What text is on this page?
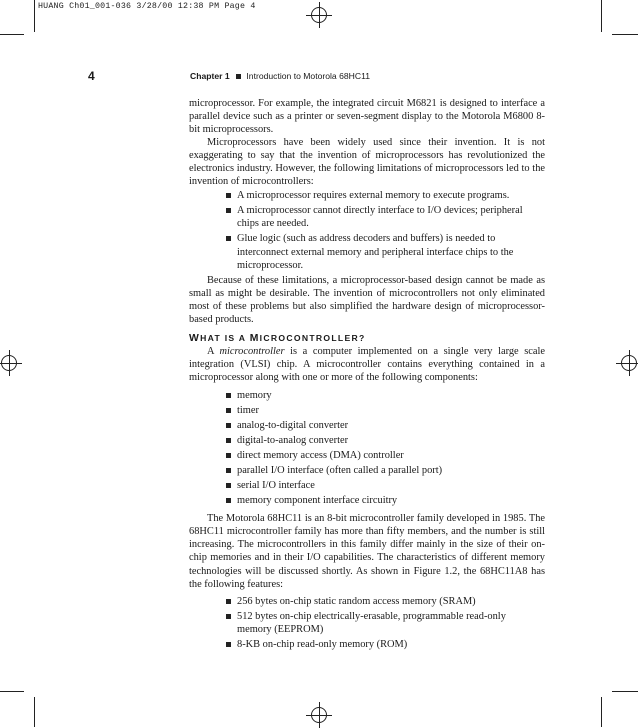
HUANG Ch01_001-036 3/28/00 12:38 PM Page 4
4	Chapter 1 Introduction to Motorola 68HC11

microprocessor. For example, the integrated circuit M6821 is designed to interface a parallel device such as a printer or seven-segment display to the Motorola M6800 8-bit microprocessors.

Microprocessors have been widely used since their invention. It is not exaggerating to say that the invention of microprocessors has revolutionized the electronics industry. However, the following limitations of microprocessors led to the invention of microcontrollers:

A microprocessor requires external memory to execute programs.
A microprocessor cannot directly interface to I/O devices; peripheral chips are needed.
Glue logic (such as address decoders and buffers) is needed to interconnect external memory and peripheral interface chips to the microprocessor.

Because of these limitations, a microprocessor-based design cannot be made as small as might be desirable. The invention of microcontrollers not only eliminated most of these problems but also simplified the hardware design of microprocessor-based products.

WHAT IS A MICROCONTROLLER?

A microcontroller is a computer implemented on a single very large scale integration (VLSI) chip. A microcontroller contains everything contained in a microprocessor along with one or more of the following components:

memory
timer
analog-to-digital converter
digital-to-analog converter
direct memory access (DMA) controller
parallel I/O interface (often called a parallel port)
serial I/O interface
memory component interface circuitry

The Motorola 68HC11 is an 8-bit microcontroller family developed in 1985. The 68HC11 microcontroller family has more than fifty members, and the number is still increasing. The microcontrollers in this family differ mainly in the size of their on-chip memories and in their I/O capabilities. The characteristics of different memory technologies will be discussed shortly. As shown in Figure 1.2, the 68HC11A8 has the following features:

256 bytes on-chip static random access memory (SRAM)
512 bytes on-chip electrically-erasable, programmable read-only memory (EEPROM)
8-KB on-chip read-only memory (ROM)
